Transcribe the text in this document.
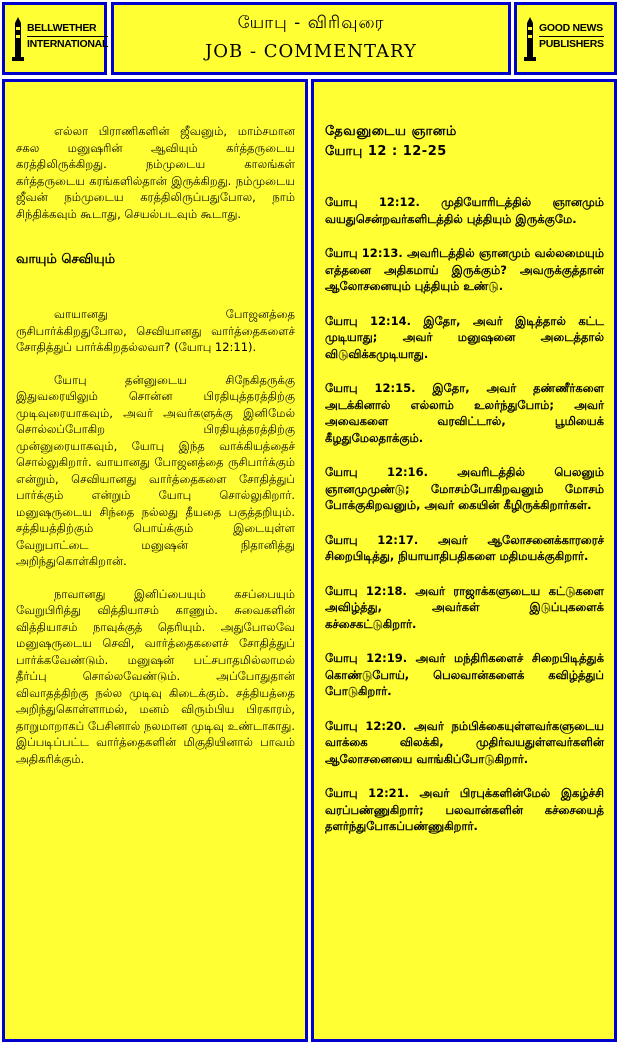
BELLWETHER
INTERNATIONAL
யோபு - விரிவுரை
JOB - COMMENTARY
GOOD NEWS
PUBLISHERS

எல்லா பிராணிகளின் ஜீவனும், மாம்சமான சகல மனுஷரின் ஆவியும் கர்த்தருடைய கரத்திலிருக்கிறது. நம்முடைய காலங்கள் கர்த்தருடைய கரங்களில்தான் இருக்கிறது. நம்முடைய ஜீவன் நம்முடைய கரத்திலிருப்பதுபோல, நாம் சிந்திக்கவும் கூடாது, செயல்படவும் கூடாது.

வாயும் செவியும்

வாயானது போஜனத்தை ருசிபார்க்கிறதுபோல, செவியானது வார்த்தைகளைச் சோதித்துப் பார்க்கிறதல்லவா? (யோபு 12:11).

யோபு தன்னுடைய சிநேகிதருக்கு இதுவரையிலும் சொன்ன பிரதியுத்தரத்திற்கு முடிவுரையாகவும், அவர் அவர்களுக்கு இனிமேல் சொல்லப்போகிற பிரதியுத்தரத்திற்கு முன்னுரையாகவும், யோபு இந்த வாக்கியத்தைச் சொல்லுகிறார். வாயானது போஜனத்தை ருசிபார்க்கும் என்றும், செவியானது வார்த்தைகளை சோதித்துப் பார்க்கும் என்றும் யோபு சொல்லுகிறார். மனுஷருடைய சிந்தை நல்லது தீயதை பகுத்தறியும். சத்தியத்திற்கும் பொய்க்கும் இடையுள்ள வேறுபாட்டை மனுஷன் நிதானித்து அறிந்துகொள்கிறான்.

நாவானது இனிப்பையும் கசப்பையும் வேறுபிரித்து வித்தியாசம் காணும். சுவைகளின் வித்தியாசம் நாவுக்குத் தெரியும். அதுபோலவே மனுஷருடைய செவி, வார்த்தைகளைச் சோதித்துப் பார்க்கவேண்டும். மனுஷன் பட்சபாதமில்லாமல் தீர்ப்பு சொல்லவேண்டும். அப்போதுதான் விவாதத்திற்கு நல்ல முடிவு கிடைக்கும். சத்தியத்தை அறிந்துகொள்ளாமல், மனம் விரும்பிய பிரகாரம், தாறுமாறாகப் பேசினால் நலமான முடிவு உண்டாகாது. இப்படிப்பட்ட வார்த்தைகளின் மிகுதியினால் பாவம் அதிகரிக்கும்.

தேவனுடைய ஞானம்

யோபு 12 : 12-25

யோபு 12:12. முதியோரிடத்தில் ஞானமும் வயதுசென்றவர்களிடத்தில் புத்தியும் இருக்குமே.

யோபு 12:13. அவரிடத்தில் ஞானமும் வல்லமையும் எத்தனை அதிகமாய் இருக்கும்? அவருக்குத்தான் ஆலோசனையும் புத்தியும் உண்டு.

யோபு 12:14. இதோ, அவர் இடித்தால் கட்ட முடியாது; அவர் மனுஷனை அடைத்தால் விடுவிக்கமுடியாது.

யோபு 12:15. இதோ, அவர் தண்ணீர்களை அடக்கினால் எல்லாம் உலர்ந்துபோம்; அவர் அவைகளை வரவிட்டால், பூமியைக் கீழதுமேலதாக்கும்.

யோபு 12:16. அவரிடத்தில் பெலனும் ஞானமுமுண்டு; மோசம்போகிறவனும் மோசம் போக்குகிறவனும், அவர் கையின் கீழிருக்கிறார்கள்.

யோபு 12:17. அவர் ஆலோசனைக்காரரைச் சிறைபிடித்து, நியாயாதிபதிகளை மதிமயக்குகிறார்.

யோபு 12:18. அவர் ராஜாக்களுடைய கட்டுகளை அவிழ்த்து, அவர்கள் இடுப்புகளைக் கச்சைகட்டுகிறார்.

யோபு 12:19. அவர் மந்திரிகளைச் சிறைபிடித்துக் கொண்டுபோய், பெலவான்களைக் கவிழ்த்துப் போடுகிறார்.

யோபு 12:20. அவர் நம்பிக்கையுள்ளவர்களுடைய வாக்கை விலக்கி, முதிர்வயதுள்ளவர்களின் ஆலோசனையை வாங்கிப்போடுகிறார்.

யோபு 12:21. அவர் பிரபுக்களின்மேல் இகழ்ச்சி வரப்பண்ணுகிறார்; பலவான்களின் கச்சையைத் தளர்ந்துபோகப்பண்ணுகிறார்.
